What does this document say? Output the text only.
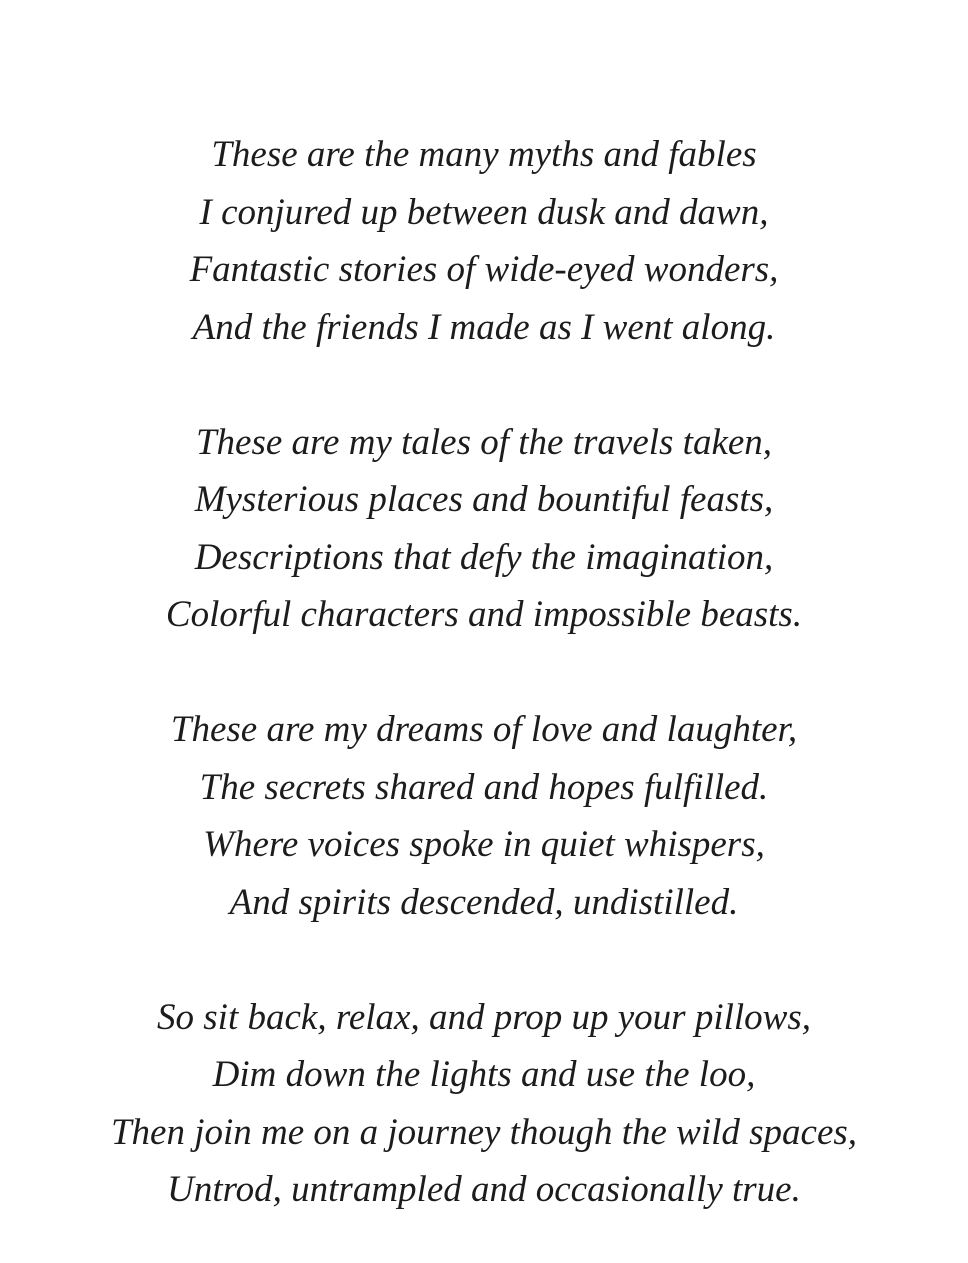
These are the many myths and fables
I conjured up between dusk and dawn,
Fantastic stories of wide-eyed wonders,
And the friends I made as I went along.
These are my tales of the travels taken,
Mysterious places and bountiful feasts,
Descriptions that defy the imagination,
Colorful characters and impossible beasts.
These are my dreams of love and laughter,
The secrets shared and hopes fulfilled.
Where voices spoke in quiet whispers,
And spirits descended, undistilled.
So sit back, relax, and prop up your pillows,
Dim down the lights and use the loo,
Then join me on a journey though the wild spaces,
Untrod, untrampled and occasionally true.
